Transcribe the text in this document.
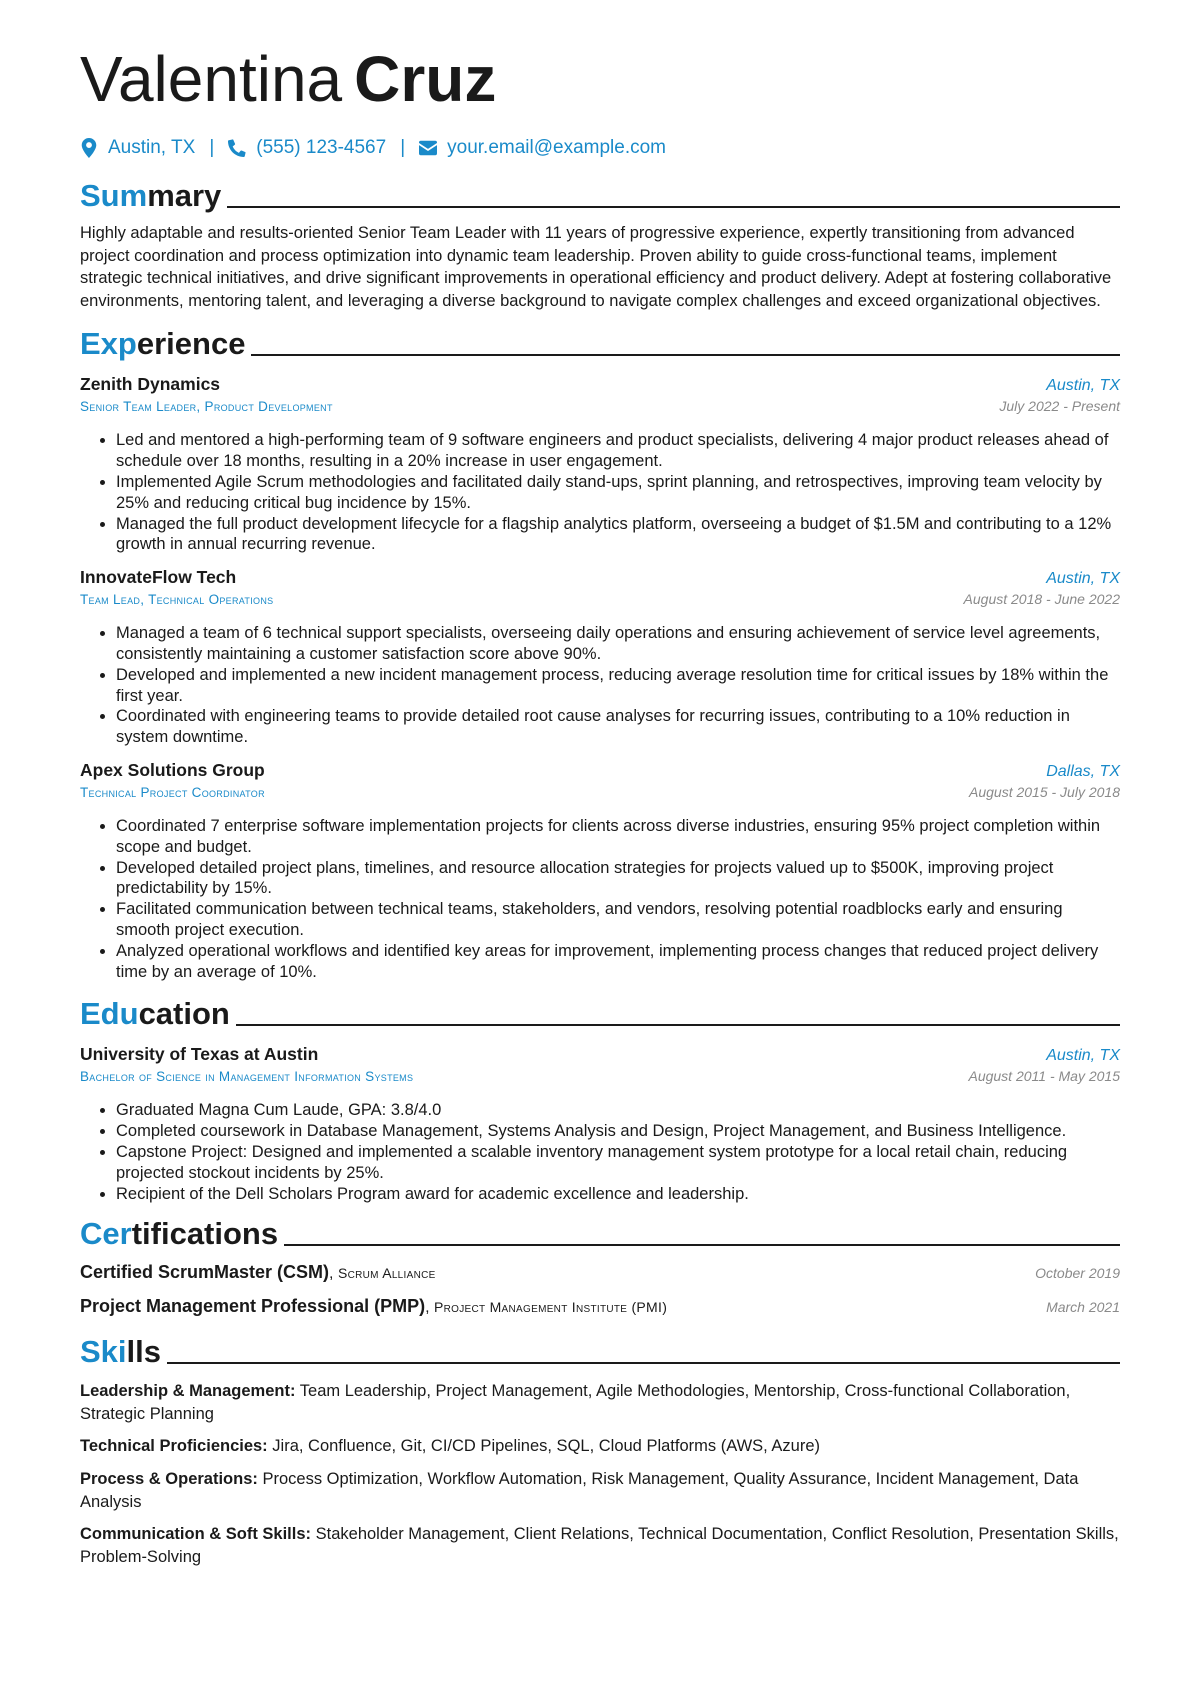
Valentina Cruz
Austin, TX | (555) 123-4567 | your.email@example.com
Summary
Highly adaptable and results-oriented Senior Team Leader with 11 years of progressive experience, expertly transitioning from advanced project coordination and process optimization into dynamic team leadership. Proven ability to guide cross-functional teams, implement strategic technical initiatives, and drive significant improvements in operational efficiency and product delivery. Adept at fostering collaborative environments, mentoring talent, and leveraging a diverse background to navigate complex challenges and exceed organizational objectives.
Experience
Zenith Dynamics	Austin, TX
Senior Team Leader, Product Development	July 2022 - Present
• Led and mentored a high-performing team of 9 software engineers and product specialists, delivering 4 major product releases ahead of schedule over 18 months, resulting in a 20% increase in user engagement.
• Implemented Agile Scrum methodologies and facilitated daily stand-ups, sprint planning, and retrospectives, improving team velocity by 25% and reducing critical bug incidence by 15%.
• Managed the full product development lifecycle for a flagship analytics platform, overseeing a budget of $1.5M and contributing to a 12% growth in annual recurring revenue.
InnovateFlow Tech	Austin, TX
Team Lead, Technical Operations	August 2018 - June 2022
• Managed a team of 6 technical support specialists, overseeing daily operations and ensuring achievement of service level agreements, consistently maintaining a customer satisfaction score above 90%.
• Developed and implemented a new incident management process, reducing average resolution time for critical issues by 18% within the first year.
• Coordinated with engineering teams to provide detailed root cause analyses for recurring issues, contributing to a 10% reduction in system downtime.
Apex Solutions Group	Dallas, TX
Technical Project Coordinator	August 2015 - July 2018
• Coordinated 7 enterprise software implementation projects for clients across diverse industries, ensuring 95% project completion within scope and budget.
• Developed detailed project plans, timelines, and resource allocation strategies for projects valued up to $500K, improving project predictability by 15%.
• Facilitated communication between technical teams, stakeholders, and vendors, resolving potential roadblocks early and ensuring smooth project execution.
• Analyzed operational workflows and identified key areas for improvement, implementing process changes that reduced project delivery time by an average of 10%.
Education
University of Texas at Austin	Austin, TX
Bachelor of Science in Management Information Systems	August 2011 - May 2015
• Graduated Magna Cum Laude, GPA: 3.8/4.0
• Completed coursework in Database Management, Systems Analysis and Design, Project Management, and Business Intelligence.
• Capstone Project: Designed and implemented a scalable inventory management system prototype for a local retail chain, reducing projected stockout incidents by 25%.
• Recipient of the Dell Scholars Program award for academic excellence and leadership.
Certifications
Certified ScrumMaster (CSM), Scrum Alliance	October 2019
Project Management Professional (PMP), Project Management Institute (PMI)	March 2021
Skills
Leadership & Management: Team Leadership, Project Management, Agile Methodologies, Mentorship, Cross-functional Collaboration, Strategic Planning
Technical Proficiencies: Jira, Confluence, Git, CI/CD Pipelines, SQL, Cloud Platforms (AWS, Azure)
Process & Operations: Process Optimization, Workflow Automation, Risk Management, Quality Assurance, Incident Management, Data Analysis
Communication & Soft Skills: Stakeholder Management, Client Relations, Technical Documentation, Conflict Resolution, Presentation Skills, Problem-Solving
